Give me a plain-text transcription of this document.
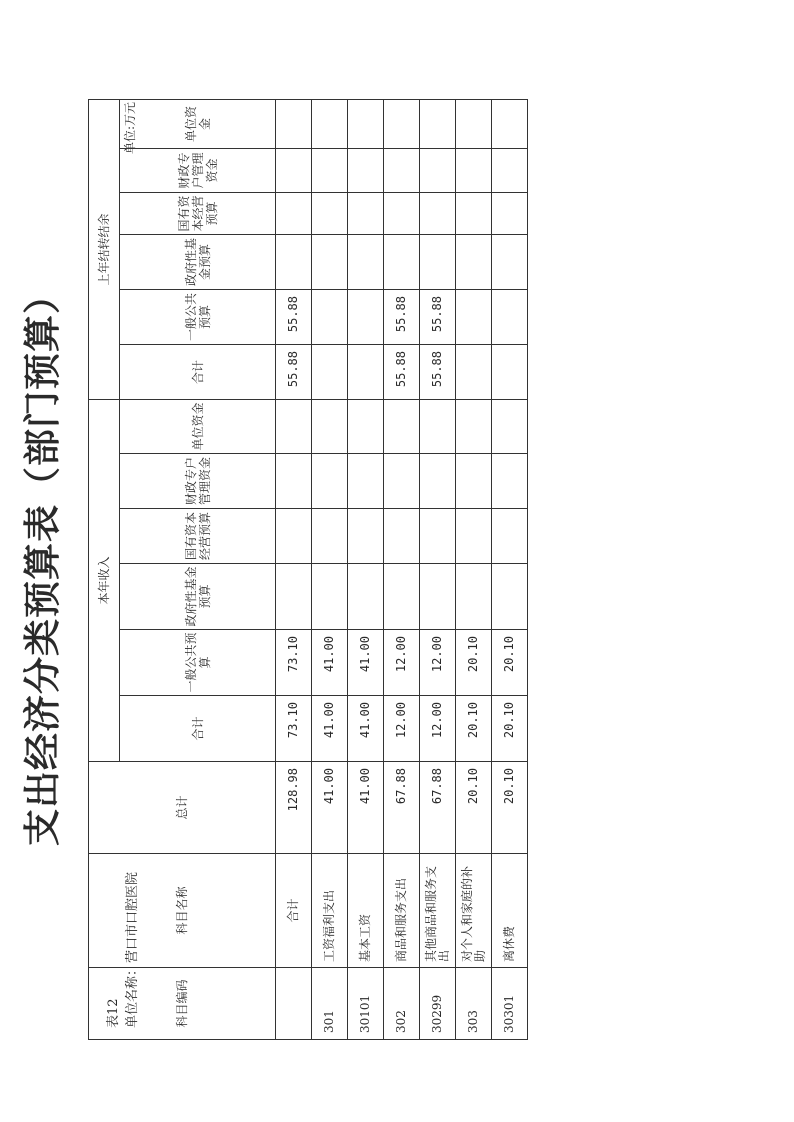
支出经济分类预算表（部门预算）
表12 单位名称：营口市口腔医院
单位:万元
科目编码	科目名称	总计	本年收入						上年结转结余					
			合计	一般公共预算	政府性基金预算	国有资本经营预算	财政专户管理资金	单位资金	合计	一般公共预算	政府性基金预算	国有资本经营预算	财政专户管理资金	单位资金
	合计	128.98	73.10	73.10					55.88	55.88				
301	工资福利支出	41.00	41.00	41.00										
30101	基本工资	41.00	41.00	41.00										
302	商品和服务支出	67.88	12.00	12.00					55.88	55.88				
30299	其他商品和服务支出	67.88	12.00	12.00					55.88	55.88				
303	对个人和家庭的补助	20.10	20.10	20.10										
30301	离休费	20.10	20.10	20.10										
